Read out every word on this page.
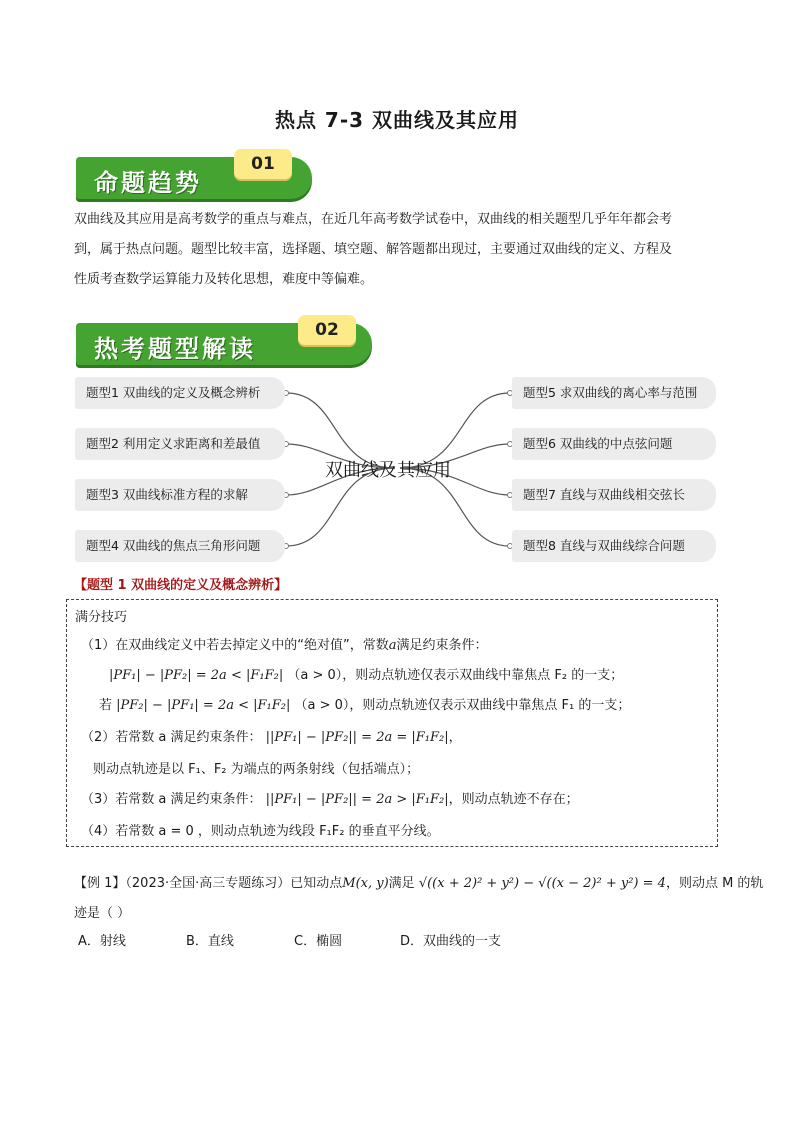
热点 7-3 双曲线及其应用
命题趋势
01
双曲线及其应用是高考数学的重点与难点，在近几年高考数学试卷中，双曲线的相关题型几乎年年都会考
到，属于热点问题。题型比较丰富，选择题、填空题、解答题都出现过，主要通过双曲线的定义、方程及
性质考查数学运算能力及转化思想，难度中等偏难。
热考题型解读
02
题型1 双曲线的定义及概念辨析
题型2 利用定义求距离和差最值
题型3 双曲线标准方程的求解
题型4 双曲线的焦点三角形问题
双曲线及其应用
题型5 求双曲线的离心率与范围
题型6 双曲线的中点弦问题
题型7 直线与双曲线相交弦长
题型8 直线与双曲线综合问题
【题型 1 双曲线的定义及概念辨析】
满分技巧
（1）在双曲线定义中若去掉定义中的“绝对值”，常数a满足约束条件：
|PF₁| − |PF₂| = 2a < |F₁F₂| （a > 0），则动点轨迹仅表示双曲线中靠焦点 F₂ 的一支；
若 |PF₂| − |PF₁| = 2a < |F₁F₂| （a > 0），则动点轨迹仅表示双曲线中靠焦点 F₁ 的一支；
（2）若常数 a 满足约束条件： ||PF₁| − |PF₂|| = 2a = |F₁F₂|，
则动点轨迹是以 F₁、F₂ 为端点的两条射线（包括端点）；
（3）若常数 a 满足约束条件： ||PF₁| − |PF₂|| = 2a > |F₁F₂|，则动点轨迹不存在；
（4）若常数 a = 0 ，则动点轨迹为线段 F₁F₂ 的垂直平分线。
【例 1】（2023·全国·高三专题练习）已知动点M(x, y)满足 √((x + 2)² + y²) − √((x − 2)² + y²) = 4，则动点 M 的轨
迹是（ ）
A．射线	B．直线	C．椭圆	D．双曲线的一支
